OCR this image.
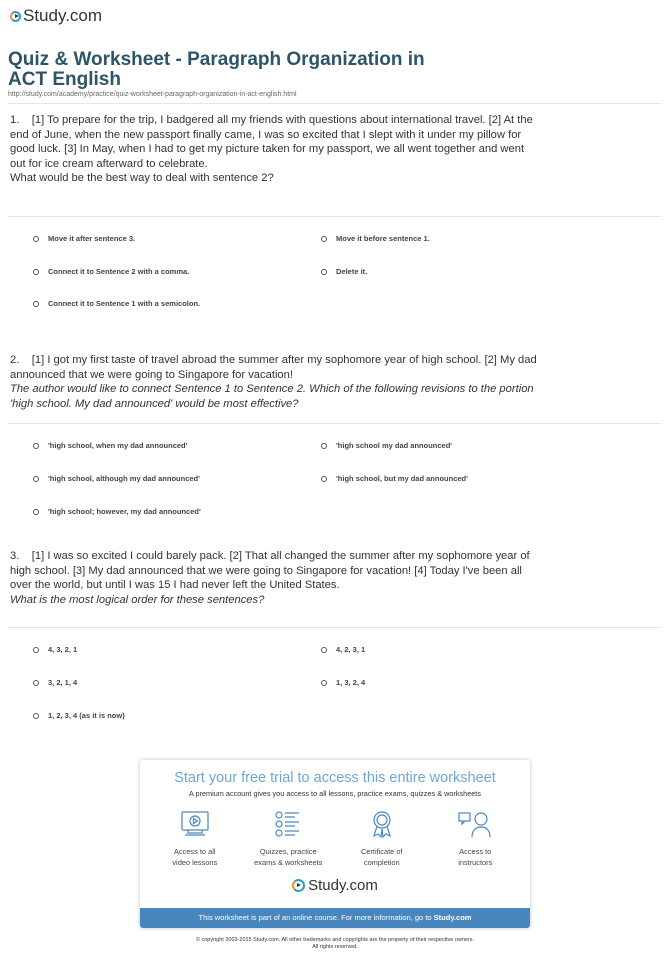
Study.com
Quiz & Worksheet - Paragraph Organization in ACT English
http://study.com/academy/practice/quiz-worksheet-paragraph-organization-in-act-english.html
1. [1] To prepare for the trip, I badgered all my friends with questions about international travel. [2] At the end of June, when the new passport finally came, I was so excited that I slept with it under my pillow for good luck. [3] In May, when I had to get my picture taken for my passport, we all went together and went out for ice cream afterward to celebrate.
What would be the best way to deal with sentence 2?
Move it after sentence 3.	Move it before sentence 1.
Connect it to Sentence 2 with a comma.	Delete it.
Connect it to Sentence 1 with a semicolon.
2. [1] I got my first taste of travel abroad the summer after my sophomore year of high school. [2] My dad announced that we were going to Singapore for vacation!
The author would like to connect Sentence 1 to Sentence 2. Which of the following revisions to the portion 'high school. My dad announced' would be most effective?
'high school, when my dad announced'	'high school my dad announced'
'high school, although my dad announced'	'high school, but my dad announced'
'high school; however, my dad announced'
3. [1] I was so excited I could barely pack. [2] That all changed the summer after my sophomore year of high school. [3] My dad announced that we were going to Singapore for vacation! [4] Today I've been all over the world, but until I was 15 I had never left the United States.
What is the most logical order for these sentences?
4, 3, 2, 1	4, 2, 3, 1
3, 2, 1, 4	1, 3, 2, 4
1, 2, 3, 4 (as it is now)
Start your free trial to access this entire worksheet
A premium account gives you access to all lessons, practice exams, quizzes & worksheets
Access to all
video lessons
Quizzes, practice
exams & worksheets
Certificate of
completion
Access to
instructors
Study.com
This worksheet is part of an online course. For more information, go to Study.com
© copyright 2003-2015 Study.com. All other trademarks and copyrights are the property of their respective owners.
All rights reserved.
